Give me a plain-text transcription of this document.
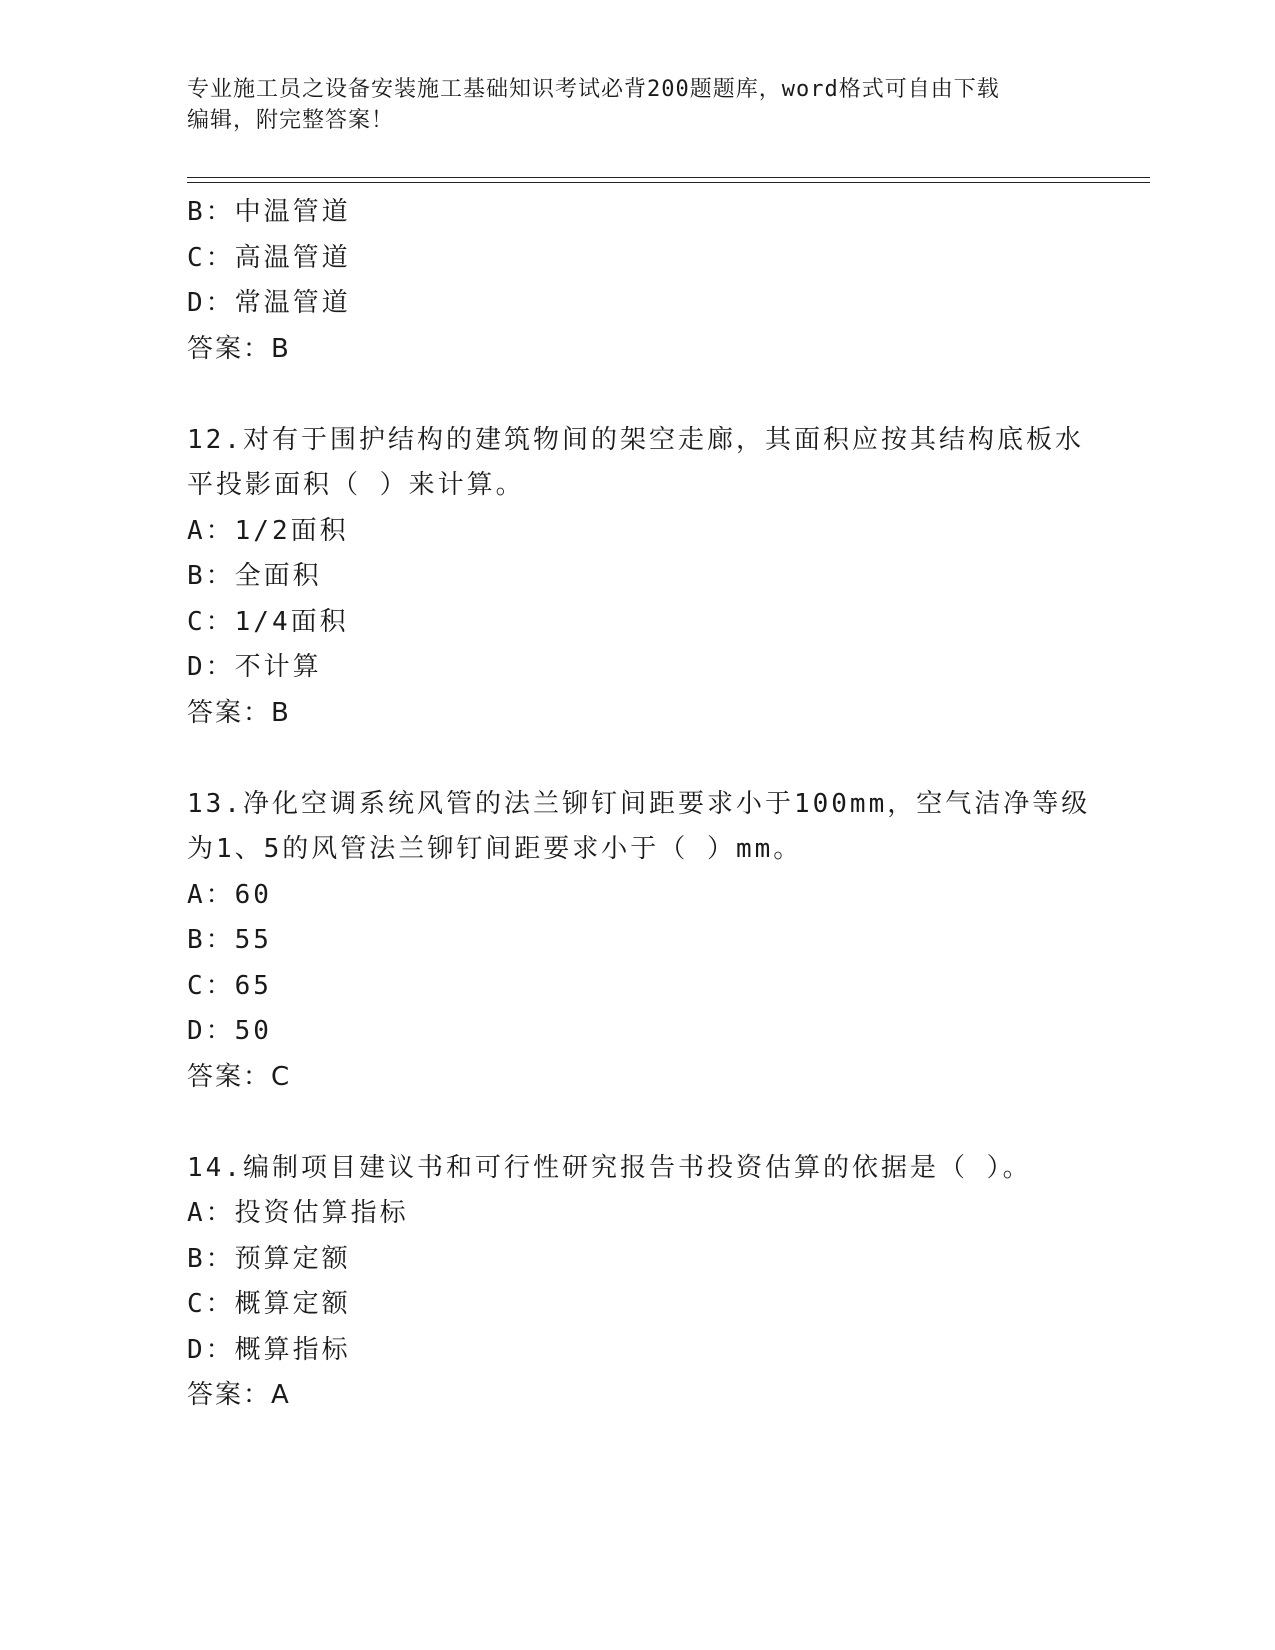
专业施工员之设备安装施工基础知识考试必背200题题库，word格式可自由下载
编辑，附完整答案！
B：中温管道
C：高温管道
D：常温管道
答案：B
12.对有于围护结构的建筑物间的架空走廊，其面积应按其结构底板水
平投影面积（ ）来计算。
A：1/2面积
B：全面积
C：1/4面积
D：不计算
答案：B
13.净化空调系统风管的法兰铆钉间距要求小于100mm，空气洁净等级
为1、5的风管法兰铆钉间距要求小于（ ）mm。
A：60
B：55
C：65
D：50
答案：C
14.编制项目建议书和可行性研究报告书投资估算的依据是（ ）。
A：投资估算指标
B：预算定额
C：概算定额
D：概算指标
答案：A
